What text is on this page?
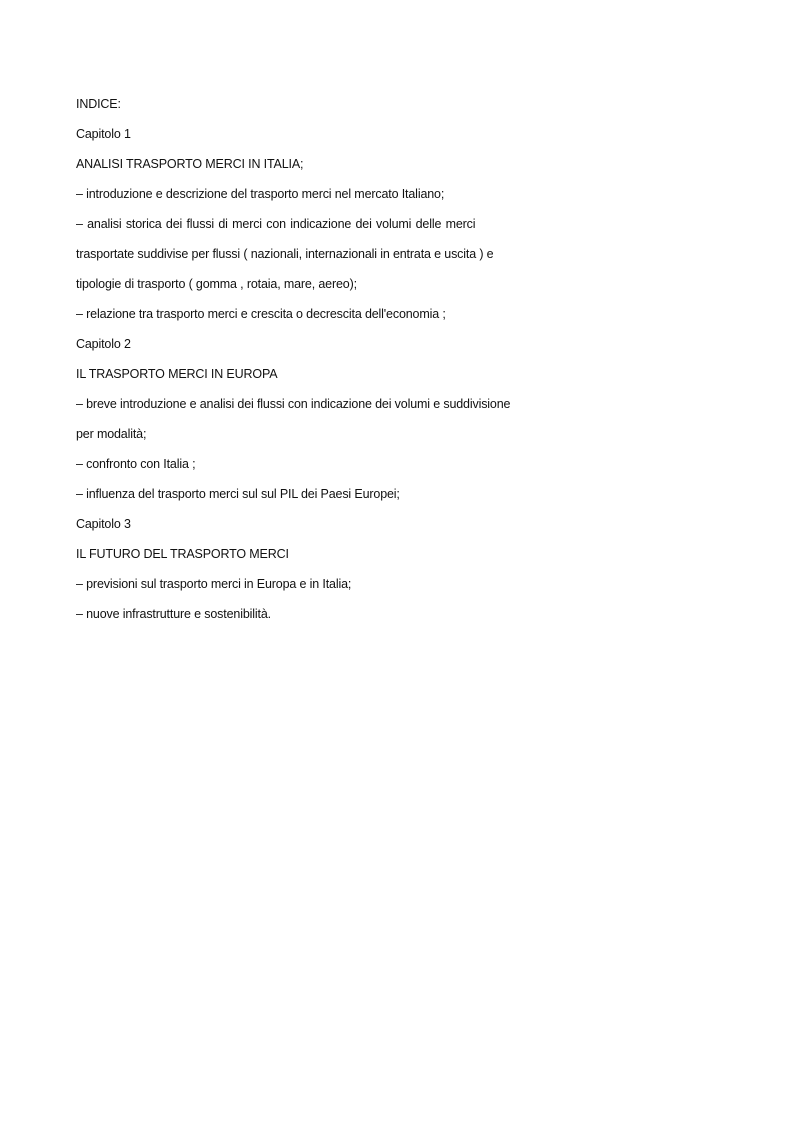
INDICE:
Capitolo 1
ANALISI TRASPORTO MERCI IN ITALIA;
– introduzione e descrizione del trasporto merci nel mercato Italiano;
– analisi storica dei flussi di merci con indicazione dei volumi delle merci
trasportate suddivise per flussi ( nazionali, internazionali in entrata e uscita ) e
tipologie di trasporto ( gomma , rotaia, mare, aereo);
– relazione tra trasporto merci e crescita o decrescita dell'economia ;
Capitolo 2
IL TRASPORTO MERCI IN EUROPA
– breve introduzione e analisi dei flussi con indicazione dei volumi e suddivisione
per modalità;
– confronto con Italia ;
– influenza del trasporto merci sul sul PIL dei Paesi Europei;
Capitolo 3
IL FUTURO DEL TRASPORTO MERCI
– previsioni sul trasporto merci in Europa e in Italia;
– nuove infrastrutture e sostenibilità.
